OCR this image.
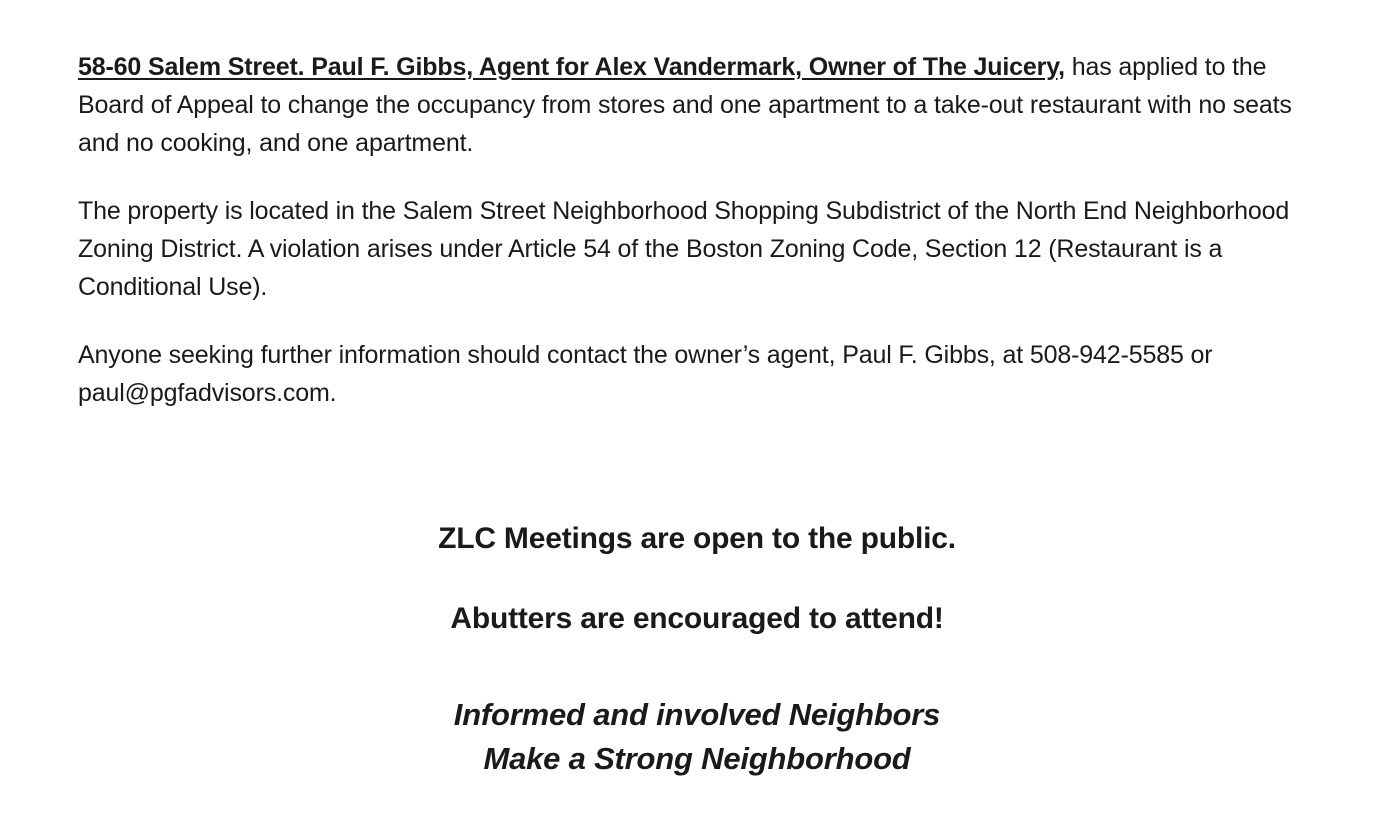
58-60 Salem Street. Paul F. Gibbs, Agent for Alex Vandermark, Owner of The Juicery, has applied to the Board of Appeal to change the occupancy from stores and one apartment to a take-out restaurant with no seats and no cooking, and one apartment.

The property is located in the Salem Street Neighborhood Shopping Subdistrict of the North End Neighborhood Zoning District. A violation arises under Article 54 of the Boston Zoning Code, Section 12 (Restaurant is a Conditional Use).

Anyone seeking further information should contact the owner’s agent, Paul F. Gibbs, at 508-942-5585 or paul@pgfadvisors.com.

ZLC Meetings are open to the public.

Abutters are encouraged to attend!

Informed and involved Neighbors
Make a Strong Neighborhood
